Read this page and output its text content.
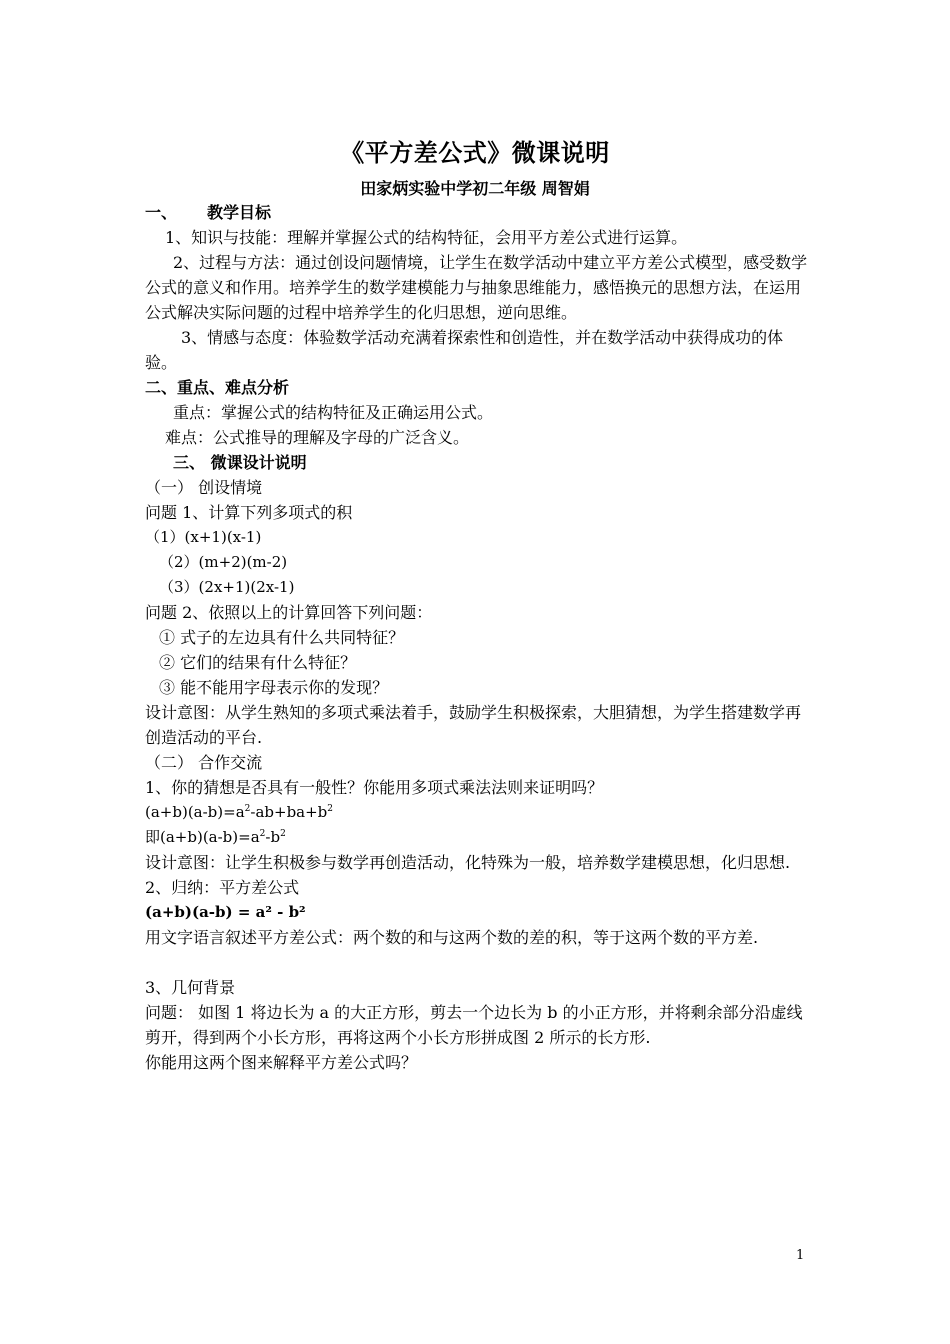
《平方差公式》微课说明
田家炳实验中学初二年级 周智娟

一、	教学目标

1、知识与技能：理解并掌握公式的结构特征，会用平方差公式进行运算。

2、过程与方法：通过创设问题情境，让学生在数学活动中建立平方差公式模型，感受数学公式的意义和作用。培养学生的数学建模能力与抽象思维能力，感悟换元的思想方法，在运用公式解决实际问题的过程中培养学生的化归思想，逆向思维。

3、情感与态度：体验数学活动充满着探索性和创造性，并在数学活动中获得成功的体验。

二、重点、难点分析

重点：掌握公式的结构特征及正确运用公式。

难点：公式推导的理解及字母的广泛含义。

三、 微课设计说明

（一） 创设情境

问题 1、计算下列多项式的积

（1）(x+1)(x-1)

（2）(m+2)(m-2)

（3）(2x+1)(2x-1)

问题 2、依照以上的计算回答下列问题：

① 式子的左边具有什么共同特征？

② 它们的结果有什么特征？

③ 能不能用字母表示你的发现？

设计意图：从学生熟知的多项式乘法着手，鼓励学生积极探索，大胆猜想，为学生搭建数学再创造活动的平台.

（二） 合作交流

1、你的猜想是否具有一般性？你能用多项式乘法法则来证明吗？

$(a+b)(a-b)=a^2-ab+ba+b^2$

即$(a+b)(a-b)=a^2-b^2$

设计意图：让学生积极参与数学再创造活动，化特殊为一般，培养数学建模思想，化归思想.

2、归纳：平方差公式

(a+b)(a-b) = a² - b²

用文字语言叙述平方差公式：两个数的和与这两个数的差的积，等于这两个数的平方差.

3、几何背景

问题： 如图 1 将边长为 a 的大正方形，剪去一个边长为 b 的小正方形，并将剩余部分沿虚线剪开，得到两个小长方形，再将这两个小长方形拼成图 2 所示的长方形.

你能用这两个图来解释平方差公式吗？

1
